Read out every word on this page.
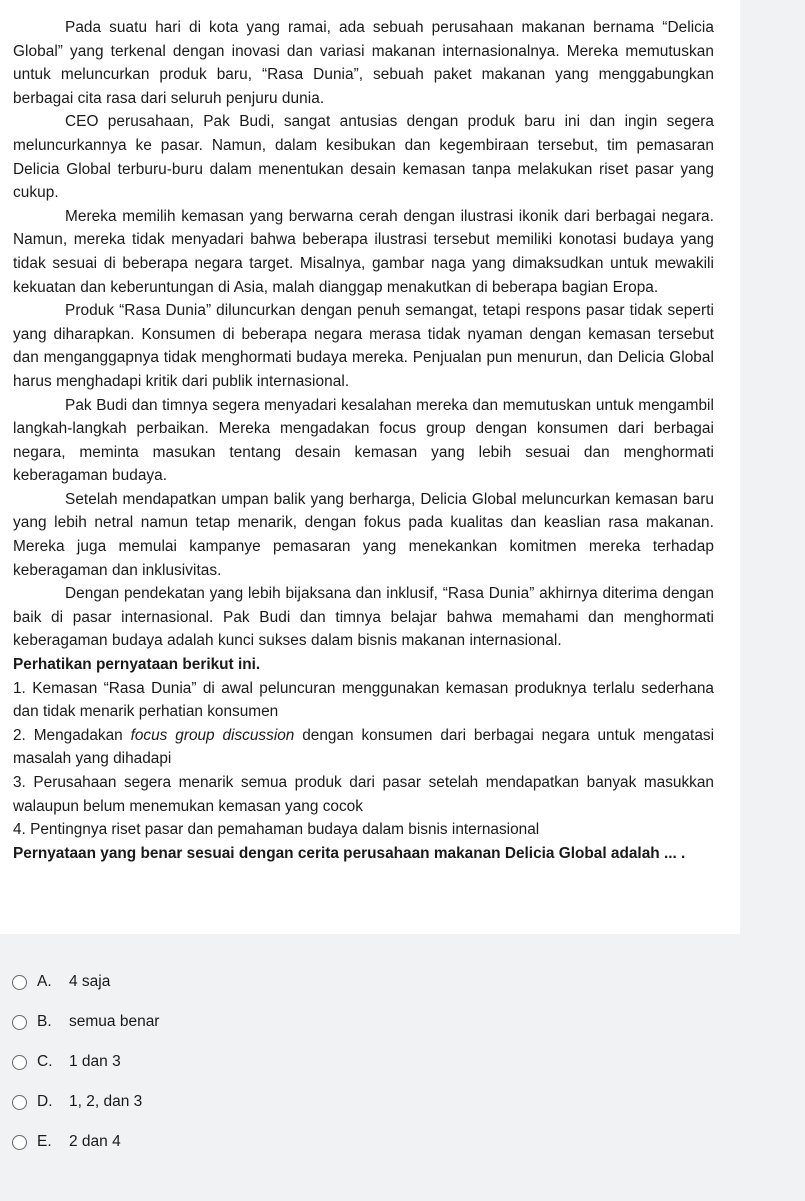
Pada suatu hari di kota yang ramai, ada sebuah perusahaan makanan bernama “Delicia Global” yang terkenal dengan inovasi dan variasi makanan internasionalnya. Mereka memutuskan untuk meluncurkan produk baru, “Rasa Dunia”, sebuah paket makanan yang menggabungkan berbagai cita rasa dari seluruh penjuru dunia.

CEO perusahaan, Pak Budi, sangat antusias dengan produk baru ini dan ingin segera meluncurkannya ke pasar. Namun, dalam kesibukan dan kegembiraan tersebut, tim pemasaran Delicia Global terburu-buru dalam menentukan desain kemasan tanpa melakukan riset pasar yang cukup.

Mereka memilih kemasan yang berwarna cerah dengan ilustrasi ikonik dari berbagai negara. Namun, mereka tidak menyadari bahwa beberapa ilustrasi tersebut memiliki konotasi budaya yang tidak sesuai di beberapa negara target. Misalnya, gambar naga yang dimaksudkan untuk mewakili kekuatan dan keberuntungan di Asia, malah dianggap menakutkan di beberapa bagian Eropa.

Produk “Rasa Dunia” diluncurkan dengan penuh semangat, tetapi respons pasar tidak seperti yang diharapkan. Konsumen di beberapa negara merasa tidak nyaman dengan kemasan tersebut dan menganggapnya tidak menghormati budaya mereka. Penjualan pun menurun, dan Delicia Global harus menghadapi kritik dari publik internasional.

Pak Budi dan timnya segera menyadari kesalahan mereka dan memutuskan untuk mengambil langkah-langkah perbaikan. Mereka mengadakan focus group dengan konsumen dari berbagai negara, meminta masukan tentang desain kemasan yang lebih sesuai dan menghormati keberagaman budaya.

Setelah mendapatkan umpan balik yang berharga, Delicia Global meluncurkan kemasan baru yang lebih netral namun tetap menarik, dengan fokus pada kualitas dan keaslian rasa makanan. Mereka juga memulai kampanye pemasaran yang menekankan komitmen mereka terhadap keberagaman dan inklusivitas.

Dengan pendekatan yang lebih bijaksana dan inklusif, “Rasa Dunia” akhirnya diterima dengan baik di pasar internasional. Pak Budi dan timnya belajar bahwa memahami dan menghormati keberagaman budaya adalah kunci sukses dalam bisnis makanan internasional.

Perhatikan pernyataan berikut ini.

1. Kemasan “Rasa Dunia” di awal peluncuran menggunakan kemasan produknya terlalu sederhana dan tidak menarik perhatian konsumen

2. Mengadakan focus group discussion dengan konsumen dari berbagai negara untuk mengatasi masalah yang dihadapi

3. Perusahaan segera menarik semua produk dari pasar setelah mendapatkan banyak masukkan walaupun belum menemukan kemasan yang cocok

4. Pentingnya riset pasar dan pemahaman budaya dalam bisnis internasional

Pernyataan yang benar sesuai dengan cerita perusahaan makanan Delicia Global adalah ... .

A.	4 saja
B.	semua benar
C.	1 dan 3
D.	1, 2, dan 3
E.	2 dan 4
